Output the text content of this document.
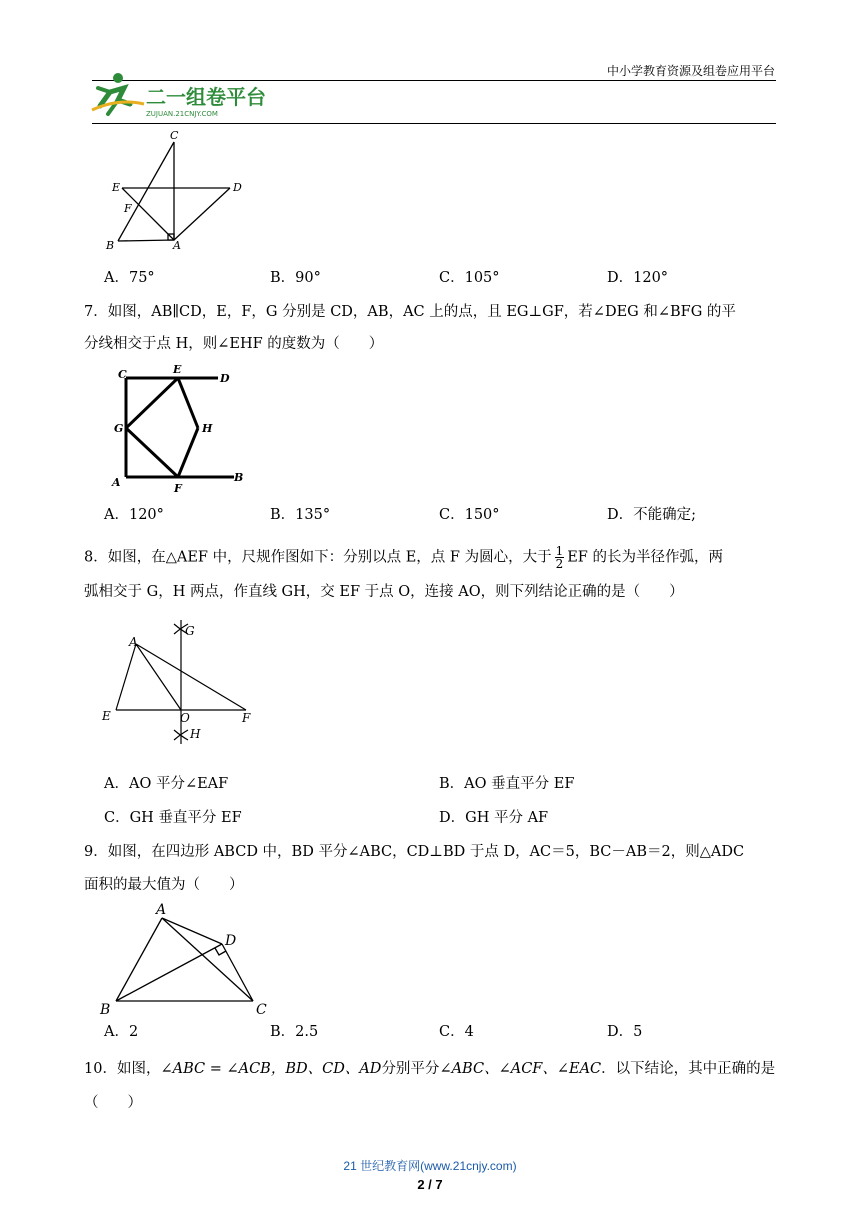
中小学教育资源及组卷应用平台
二一组卷平台
ZUJUAN.21CNJY.COM
C
E	D
F
B	A
A．75°	B．90°	C．105°	D．120°
7．如图，AB∥CD，E，F，G 分别是 CD，AB，AC 上的点，且 EG⊥GF，若∠DEG 和∠BFG 的平
分线相交于点 H，则∠EHF 的度数为（　　）
C	E
D
G	H
A	F
B
A．120°	B．135°	C．150°	D．不能确定;
8．如图，在△AEF 中，尺规作图如下：分别以点 E，点 F 为圆心，大于 $\frac{1}{2}$ EF 的长为半径作弧，两
弧相交于 G，H 两点，作直线 GH，交 EF 于点 O，连接 AO，则下列结论正确的是（　　）
A
G
E	O	F
H
A．AO 平分∠EAF	B．AO 垂直平分 EF
C．GH 垂直平分 EF	D．GH 平分 AF
9．如图，在四边形 ABCD 中，BD 平分∠ABC，CD⊥BD 于点 D，AC＝5，BC－AB＝2，则△ADC
面积的最大值为（　　）
A
D
B	C
A．2	B．2.5	C．4	D．5
10．如图，∠ABC = ∠ACB，BD、CD、AD分别平分∠ABC、∠ACF、∠EAC．以下结论，其中正确的是
（　　）
21 世纪教育网(www.21cnjy.com)
2 / 7
